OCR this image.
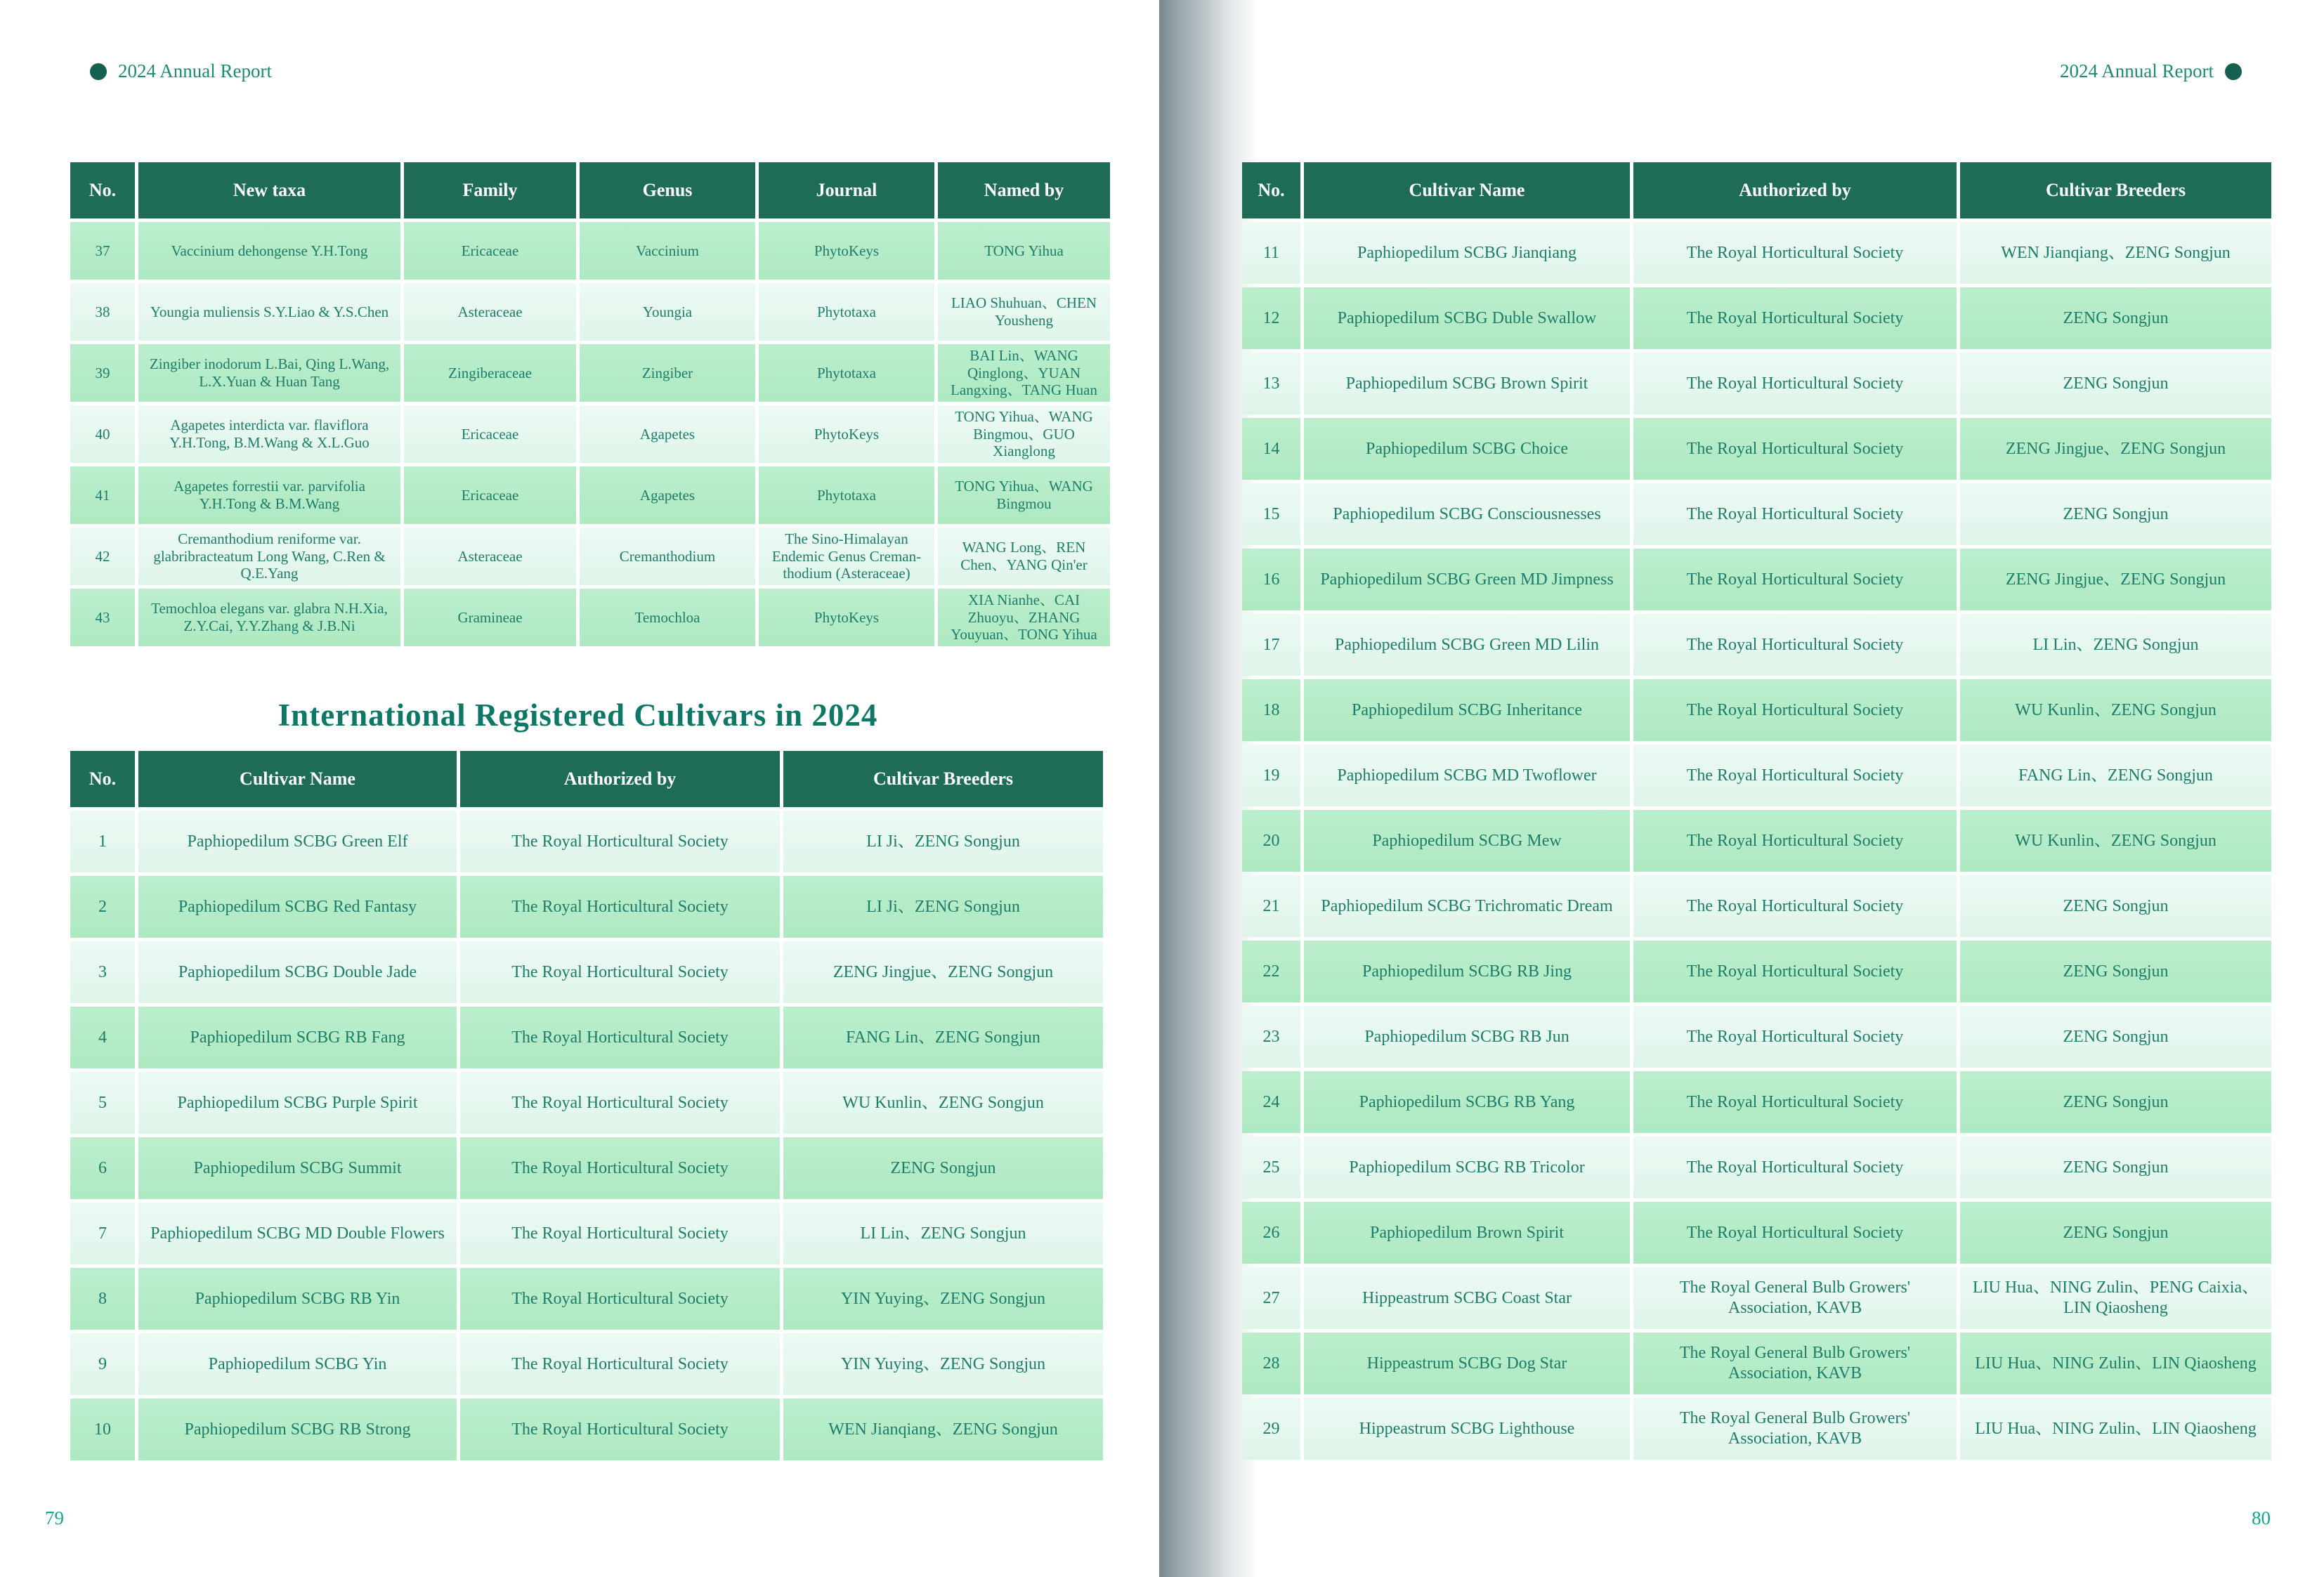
2024 Annual Report	2024 Annual Report
No.	New taxa	Family	Genus	Journal	Named by
37	Vaccinium dehongense Y.H.Tong	Ericaceae	Vaccinium	PhytoKeys	TONG Yihua
38	Youngia muliensis S.Y.Liao & Y.S.Chen	Asteraceae	Youngia	Phytotaxa	LIAO Shuhuan、CHEN Yousheng
39	Zingiber inodorum L.Bai, Qing L.Wang, L.X.Yuan & Huan Tang	Zingiberaceae	Zingiber	Phytotaxa	BAI Lin、WANG Qinglong、YUAN Langxing、TANG Huan
40	Agapetes interdicta var. flaviflora Y.H.Tong, B.M.Wang & X.L.Guo	Ericaceae	Agapetes	PhytoKeys	TONG Yihua、WANG Bingmou、GUO Xianglong
41	Agapetes forrestii var. parvifolia Y.H.Tong & B.M.Wang	Ericaceae	Agapetes	Phytotaxa	TONG Yihua、WANG Bingmou
42	Cremanthodium reniforme var. glabribracteatum Long Wang, C.Ren & Q.E.Yang	Asteraceae	Cremanthodium	The Sino-Himalayan Endemic Genus Creman-thodium (Asteraceae)	WANG Long、REN Chen、YANG Qin'er
43	Temochloa elegans var. glabra N.H.Xia, Z.Y.Cai, Y.Y.Zhang & J.B.Ni	Gramineae	Temochloa	PhytoKeys	XIA Nianhe、CAI Zhuoyu、ZHANG Youyuan、TONG Yihua
International Registered Cultivars in 2024
No.	Cultivar Name	Authorized by	Cultivar Breeders
1	Paphiopedilum SCBG Green Elf	The Royal Horticultural Society	LI Ji、ZENG Songjun
2	Paphiopedilum SCBG Red Fantasy	The Royal Horticultural Society	LI Ji、ZENG Songjun
3	Paphiopedilum SCBG Double Jade	The Royal Horticultural Society	ZENG Jingjue、ZENG Songjun
4	Paphiopedilum SCBG RB Fang	The Royal Horticultural Society	FANG Lin、ZENG Songjun
5	Paphiopedilum SCBG Purple Spirit	The Royal Horticultural Society	WU Kunlin、ZENG Songjun
6	Paphiopedilum SCBG Summit	The Royal Horticultural Society	ZENG Songjun
7	Paphiopedilum SCBG MD Double Flowers	The Royal Horticultural Society	LI Lin、ZENG Songjun
8	Paphiopedilum SCBG RB Yin	The Royal Horticultural Society	YIN Yuying、ZENG Songjun
9	Paphiopedilum SCBG Yin	The Royal Horticultural Society	YIN Yuying、ZENG Songjun
10	Paphiopedilum SCBG RB Strong	The Royal Horticultural Society	WEN Jianqiang、ZENG Songjun
No.	Cultivar Name	Authorized by	Cultivar Breeders
11	Paphiopedilum SCBG Jianqiang	The Royal Horticultural Society	WEN Jianqiang、ZENG Songjun
12	Paphiopedilum SCBG Duble Swallow	The Royal Horticultural Society	ZENG Songjun
13	Paphiopedilum SCBG Brown Spirit	The Royal Horticultural Society	ZENG Songjun
14	Paphiopedilum SCBG Choice	The Royal Horticultural Society	ZENG Jingjue、ZENG Songjun
15	Paphiopedilum SCBG Consciousnesses	The Royal Horticultural Society	ZENG Songjun
16	Paphiopedilum SCBG Green MD Jimpness	The Royal Horticultural Society	ZENG Jingjue、ZENG Songjun
17	Paphiopedilum SCBG Green MD Lilin	The Royal Horticultural Society	LI Lin、ZENG Songjun
18	Paphiopedilum SCBG Inheritance	The Royal Horticultural Society	WU Kunlin、ZENG Songjun
19	Paphiopedilum SCBG MD Twoflower	The Royal Horticultural Society	FANG Lin、ZENG Songjun
20	Paphiopedilum SCBG Mew	The Royal Horticultural Society	WU Kunlin、ZENG Songjun
21	Paphiopedilum SCBG Trichromatic Dream	The Royal Horticultural Society	ZENG Songjun
22	Paphiopedilum SCBG RB Jing	The Royal Horticultural Society	ZENG Songjun
23	Paphiopedilum SCBG RB Jun	The Royal Horticultural Society	ZENG Songjun
24	Paphiopedilum SCBG RB Yang	The Royal Horticultural Society	ZENG Songjun
25	Paphiopedilum SCBG RB Tricolor	The Royal Horticultural Society	ZENG Songjun
26	Paphiopedilum Brown Spirit	The Royal Horticultural Society	ZENG Songjun
27	Hippeastrum SCBG Coast Star	The Royal General Bulb Growers' Association, KAVB	LIU Hua、NING Zulin、PENG Caixia、LIN Qiaosheng
28	Hippeastrum SCBG Dog Star	The Royal General Bulb Growers' Association, KAVB	LIU Hua、NING Zulin、LIN Qiaosheng
29	Hippeastrum SCBG Lighthouse	The Royal General Bulb Growers' Association, KAVB	LIU Hua、NING Zulin、LIN Qiaosheng
79	80
